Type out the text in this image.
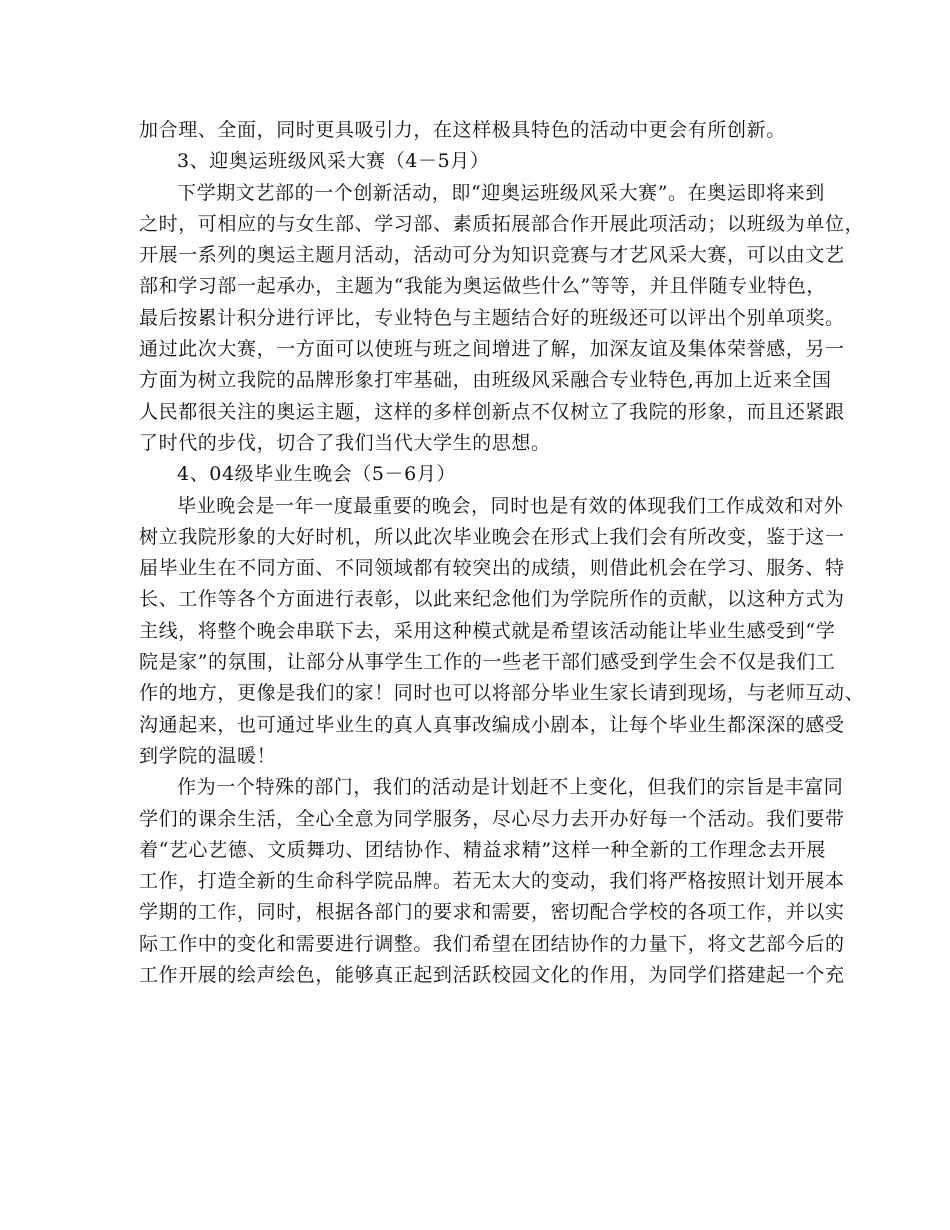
加合理、全面，同时更具吸引力，在这样极具特色的活动中更会有所创新。
3、迎奥运班级风采大赛（4－5月）
下学期文艺部的一个创新活动，即“迎奥运班级风采大赛”。在奥运即将来到
之时，可相应的与女生部、学习部、素质拓展部合作开展此项活动；以班级为单位，
开展一系列的奥运主题月活动，活动可分为知识竞赛与才艺风采大赛，可以由文艺
部和学习部一起承办，主题为“我能为奥运做些什么”等等，并且伴随专业特色，
最后按累计积分进行评比，专业特色与主题结合好的班级还可以评出个别单项奖。
通过此次大赛，一方面可以使班与班之间增进了解，加深友谊及集体荣誉感，另一
方面为树立我院的品牌形象打牢基础，由班级风采融合专业特色,再加上近来全国
人民都很关注的奥运主题，这样的多样创新点不仅树立了我院的形象，而且还紧跟
了时代的步伐，切合了我们当代大学生的思想。
4、04级毕业生晚会（5－6月）
毕业晚会是一年一度最重要的晚会，同时也是有效的体现我们工作成效和对外
树立我院形象的大好时机，所以此次毕业晚会在形式上我们会有所改变，鉴于这一
届毕业生在不同方面、不同领域都有较突出的成绩，则借此机会在学习、服务、特
长、工作等各个方面进行表彰，以此来纪念他们为学院所作的贡献，以这种方式为
主线，将整个晚会串联下去，采用这种模式就是希望该活动能让毕业生感受到“学
院是家”的氛围，让部分从事学生工作的一些老干部们感受到学生会不仅是我们工
作的地方，更像是我们的家！同时也可以将部分毕业生家长请到现场，与老师互动、
沟通起来，也可通过毕业生的真人真事改编成小剧本，让每个毕业生都深深的感受
到学院的温暖！
作为一个特殊的部门，我们的活动是计划赶不上变化，但我们的宗旨是丰富同
学们的课余生活，全心全意为同学服务，尽心尽力去开办好每一个活动。我们要带
着“艺心艺德、文质舞功、团结协作、精益求精”这样一种全新的工作理念去开展
工作，打造全新的生命科学院品牌。若无太大的变动，我们将严格按照计划开展本
学期的工作，同时，根据各部门的要求和需要，密切配合学校的各项工作，并以实
际工作中的变化和需要进行调整。我们希望在团结协作的力量下，将文艺部今后的
工作开展的绘声绘色，能够真正起到活跃校园文化的作用，为同学们搭建起一个充
